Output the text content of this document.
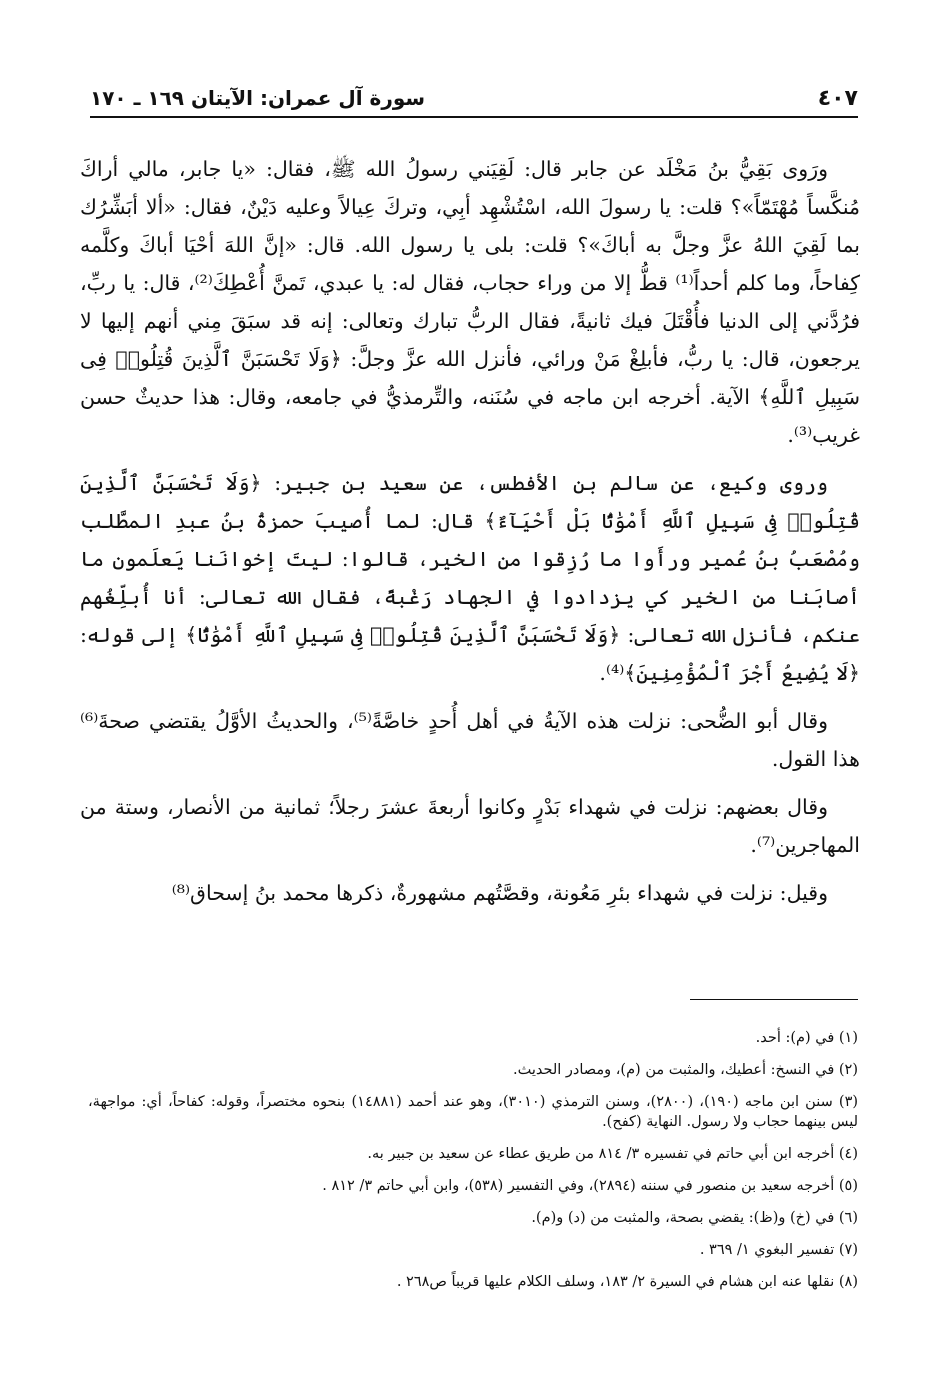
سورة آل عمران: الآيتان ١٦٩ ـ ١٧٠	٤٠٧

ورَوى بَقِيُّ بنُ مَخْلَد عن جابر قال: لَقِيَني رسولُ الله ﷺ، فقال: «يا جابر، مالي أراكَ مُنكَّساً مُهْتَمّاً»؟ قلت: يا رسولَ الله، اسْتُشْهِد أبِي، وتركَ عِيالاً وعليه دَيْنٌ، فقال: «ألا أبَشِّرُك بما لَقِيَ اللهُ عزَّ وجلَّ به أباكَ»؟ قلت: بلى يا رسول الله. قال: «إنَّ اللهَ أحْيَا أباكَ وكلَّمه كِفاحاً، وما كلم أحداً⁽¹⁾ قطُّ إلا من وراء حجاب، فقال له: يا عبدي، تَمنَّ أُعْطِكَ⁽²⁾، قال: يا ربِّ، فرُدَّني إلى الدنيا فأُقْتَلَ فيك ثانيةً، فقال الربُّ تبارك وتعالى: إنه قد سبَقَ مِني أنهم إليها لا يرجعون، قال: يا ربُّ، فأبلِغْ مَنْ ورائي، فأنزل الله عزَّ وجلَّ: ﴿وَلَا تَحْسَبَنَّ ٱلَّذِينَ قُتِلُوا۟ فِى سَبِيلِ ٱللَّهِ﴾ الآية. أخرجه ابن ماجه في سُنَنه، والتِّرمذيُّ في جامعه، وقال: هذا حديثٌ حسن غريب⁽³⁾.

وروى وكيع، عن سالم بن الأفطس، عن سعيد بن جبير: ﴿وَلَا تَحْسَبَنَّ ٱلَّذِينَ قُتِلُوا۟ فِى سَبِيلِ ٱللَّهِ أَمْوَٰتًۢا بَلْ أَحْيَآءٌ﴾ قال: لما أُصيبَ حمزةُ بنُ عبدِ المطَّلب ومُصْعَبُ بنُ عُمير ورأَوا ما رُزِقوا من الخير، قالوا: ليتَ إخوانَنا يَعلَمون ما أصابَنا من الخير كي يزدادوا في الجهاد رَغْبةً، فقال الله تعالى: أنا أُبلِّغُهم عنكم، فأنزل الله تعالى: ﴿وَلَا تَحْسَبَنَّ ٱلَّذِينَ قُتِلُوا۟ فِى سَبِيلِ ٱللَّهِ أَمْوَٰتًۢا﴾ إلى قوله: ﴿لَا يُضِيعُ أَجْرَ ٱلْمُؤْمِنِينَ﴾⁽⁴⁾.

وقال أبو الضُّحى: نزلت هذه الآيةُ في أهل أُحدٍ خاصَّةً⁽⁵⁾، والحديثُ الأوَّلُ يقتضي صحةَ⁽⁶⁾ هذا القول.

وقال بعضهم: نزلت في شهداء بَدْرٍ وكانوا أربعةَ عشرَ رجلاً؛ ثمانية من الأنصار، وستة من المهاجرين⁽⁷⁾.

وقيل: نزلت في شهداء بئرِ مَعُونة، وقصَّتُهم مشهورةٌ، ذكرها محمد بنُ إسحاق⁽⁸⁾

(١) في (م): أحد.
(٢) في النسخ: أعطيك، والمثبت من (م)، ومصادر الحديث.
(٣) سنن ابن ماجه (١٩٠)، (٢٨٠٠)، وسنن الترمذي (٣٠١٠)، وهو عند أحمد (١٤٨٨١) بنحوه مختصراً، وقوله: كفاحاً، أي: مواجهة، ليس بينهما حجاب ولا رسول. النهاية (كفح).
(٤) أخرجه ابن أبي حاتم في تفسيره ٣/ ٨١٤ من طريق عطاء عن سعيد بن جبير به.
(٥) أخرجه سعيد بن منصور في سننه (٢٨٩٤)، وفي التفسير (٥٣٨)، وابن أبي حاتم ٣/ ٨١٢ .
(٦) في (خ) و(ظ): يقضي بصحة، والمثبت من (د) و(م).
(٧) تفسير البغوي ١/ ٣٦٩ .
(٨) نقلها عنه ابن هشام في السيرة ٢/ ١٨٣، وسلف الكلام عليها قريباً ص٢٦٨ .
